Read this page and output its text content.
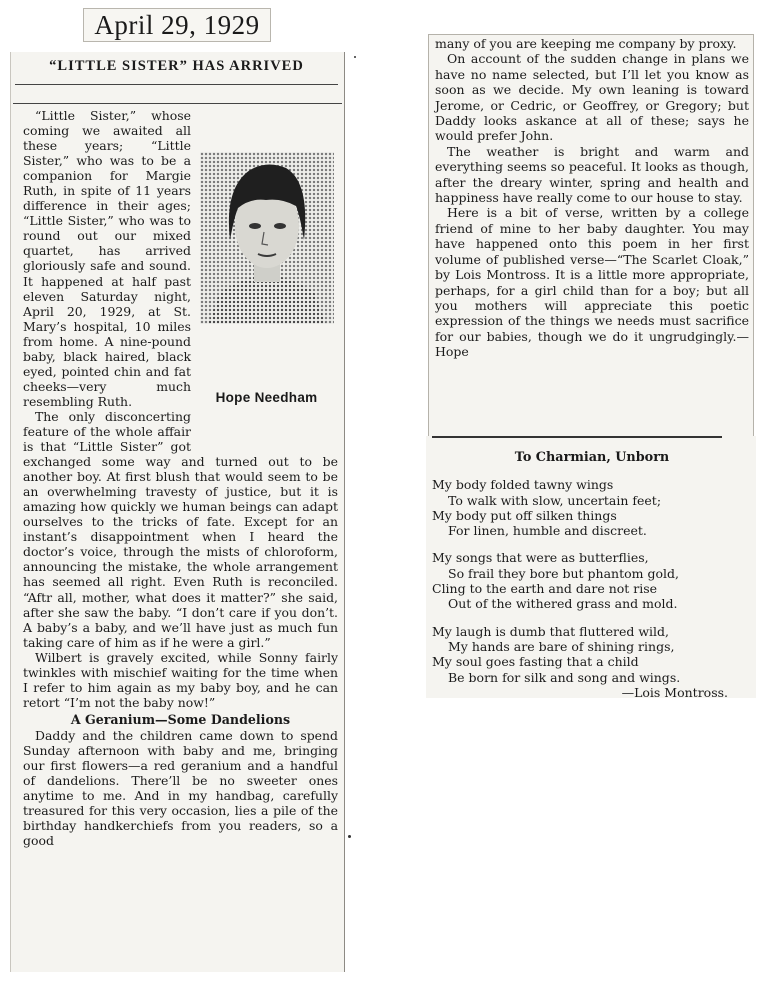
April 29, 1929
“LITTLE SISTER” HAS ARRIVED
Hope Needham

“Little Sister,” whose coming we awaited all these years; “Little Sister,” who was to be a companion for Margie Ruth, in spite of 11 years difference in their ages; “Little Sister,” who was to round out our mixed quartet, has arrived gloriously safe and sound. It happened at half past eleven Saturday night, April 20, 1929, at St. Mary’s hospital, 10 miles from home. A nine-pound baby, black haired, black eyed, pointed chin and fat cheeks—very much resembling Ruth.

The only disconcerting feature of the whole affair is that “Little Sister” got exchanged some way and turned out to be another boy. At first blush that would seem to be an overwhelming travesty of justice, but it is amazing how quickly we human beings can adapt ourselves to the tricks of fate. Except for an instant’s disappointment when I heard the doctor’s voice, through the mists of chloroform, announcing the mistake, the whole arrangement has seemed all right. Even Ruth is reconciled. “Aftr all, mother, what does it matter?” she said, after she saw the baby. “I don’t care if you don’t. A baby’s a baby, and we’ll have just as much fun taking care of him as if he were a girl.”

Wilbert is gravely excited, while Sonny fairly twinkles with mischief waiting for the time when I refer to him again as my baby boy, and he can retort “I’m not the baby now!”

A Geranium—Some Dandelions

Daddy and the children came down to spend Sunday afternoon with baby and me, bringing our first flowers—a red geranium and a handful of dandelions. There’ll be no sweeter ones anytime to me. And in my handbag, carefully treasured for this very occasion, lies a pile of the birthday handkerchiefs from you readers, so a good

many of you are keeping me company by proxy.

On account of the sudden change in plans we have no name selected, but I’ll let you know as soon as we decide. My own leaning is toward Jerome, or Cedric, or Geoffrey, or Gregory; but Daddy looks askance at all of these; says he would prefer John.

The weather is bright and warm and everything seems so peaceful. It looks as though, after the dreary winter, spring and health and happiness have really come to our house to stay.

Here is a bit of verse, written by a college friend of mine to her baby daughter. You may have happened onto this poem in her first volume of published verse—“The Scarlet Cloak,” by Lois Montross. It is a little more appropriate, perhaps, for a girl child than for a boy; but all you mothers will appreciate this poetic expression of the things we needs must sacrifice for our babies, though we do it ungrudgingly.—Hope

To Charmian, Unborn
My body folded tawny wings
To walk with slow, uncertain feet;
My body put off silken things
For linen, humble and discreet.
My songs that were as butterflies,
So frail they bore but phantom gold,
Cling to the earth and dare not rise
Out of the withered grass and mold.
My laugh is dumb that fluttered wild,
My hands are bare of shining rings,
My soul goes fasting that a child
Be born for silk and song and wings.
—Lois Montross.
